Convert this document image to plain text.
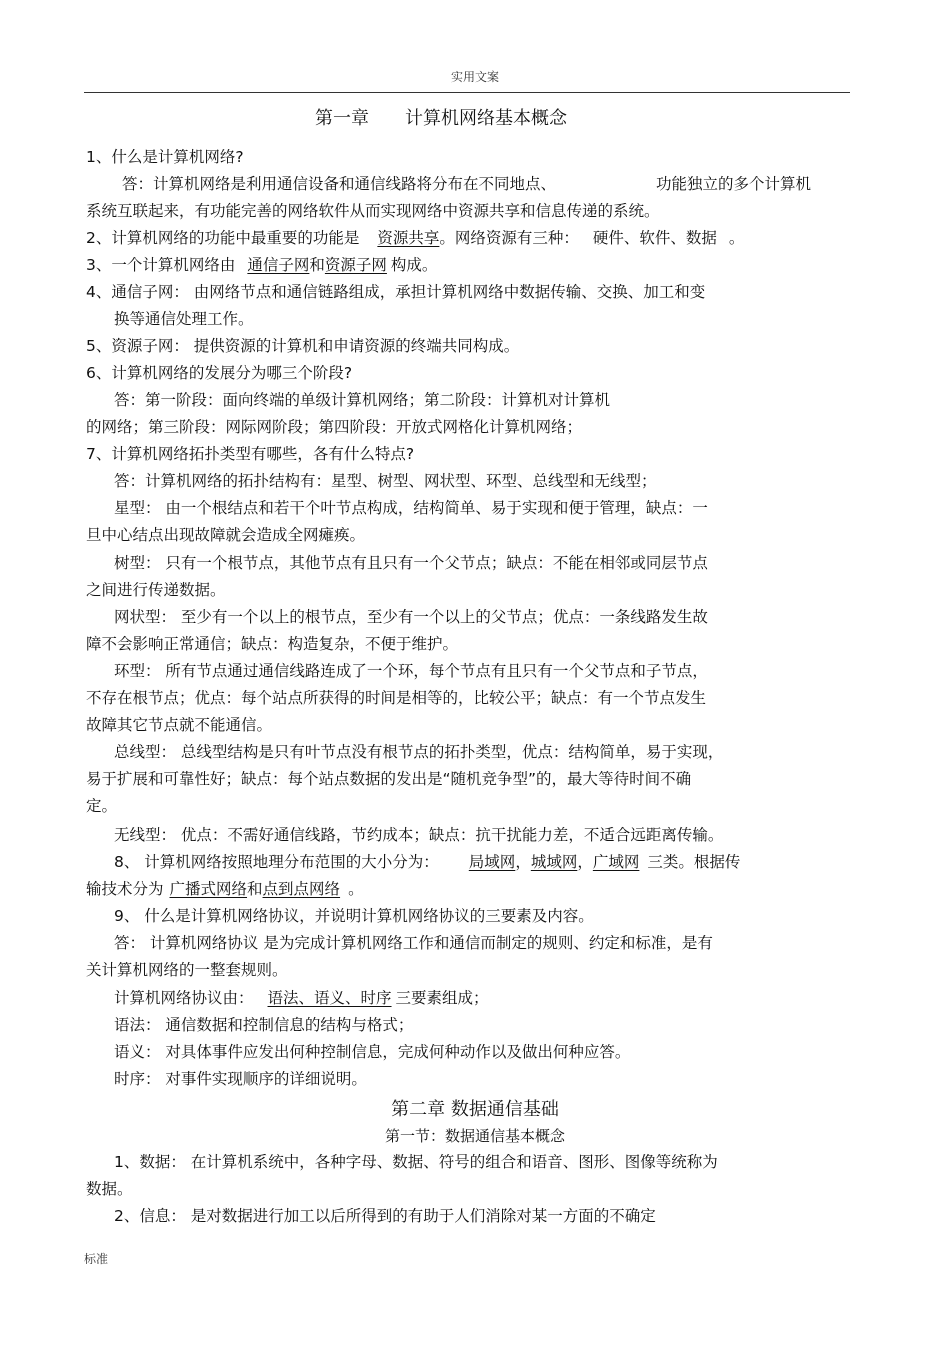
实用文案
第一章 计算机网络基本概念
1、什么是计算机网络?
答：计算机网络是利用通信设备和通信线路将分布在不同地点、	功能独立的多个计算机
系统互联起来，有功能完善的网络软件从而实现网络中资源共享和信息传递的系统。
2、计算机网络的功能中最重要的功能是 资源共享。网络资源有三种： 硬件、软件、数据 。
3、一个计算机网络由 通信子网和资源子网 构成。
4、通信子网： 由网络节点和通信链路组成，承担计算机网络中数据传输、交换、加工和变
换等通信处理工作。
5、资源子网： 提供资源的计算机和申请资源的终端共同构成。
6、计算机网络的发展分为哪三个阶段?
答：第一阶段：面向终端的单级计算机网络；第二阶段：计算机对计算机
的网络；第三阶段：网际网阶段；第四阶段：开放式网格化计算机网络；
7、计算机网络拓扑类型有哪些，各有什么特点?
答：计算机网络的拓扑结构有：星型、树型、网状型、环型、总线型和无线型；
星型： 由一个根结点和若干个叶节点构成，结构简单、易于实现和便于管理，缺点：一
旦中心结点出现故障就会造成全网瘫痪。
树型： 只有一个根节点，其他节点有且只有一个父节点；缺点：不能在相邻或同层节点
之间进行传递数据。
网状型： 至少有一个以上的根节点，至少有一个以上的父节点；优点：一条线路发生故
障不会影响正常通信；缺点：构造复杂，不便于维护。
环型： 所有节点通过通信线路连成了一个环，每个节点有且只有一个父节点和子节点，
不存在根节点；优点：每个站点所获得的时间是相等的，比较公平；缺点：有一个节点发生
故障其它节点就不能通信。
总线型： 总线型结构是只有叶节点没有根节点的拓扑类型，优点：结构简单，易于实现，
易于扩展和可靠性好；缺点：每个站点数据的发出是“随机竞争型”的，最大等待时间不确
定。
无线型： 优点：不需好通信线路，节约成本；缺点：抗干扰能力差，不适合远距离传输。
8、 计算机网络按照地理分布范围的大小分为： 局域网，城域网，广域网 三类。根据传
输技术分为 广播式网络和点到点网络 。
9、 什么是计算机网络协议，并说明计算机网络协议的三要素及内容。
答： 计算机网络协议 是为完成计算机网络工作和通信而制定的规则、约定和标准，是有
关计算机网络的一整套规则。
计算机网络协议由： 语法、语义、时序 三要素组成；
语法： 通信数据和控制信息的结构与格式；
语义： 对具体事件应发出何种控制信息，完成何种动作以及做出何种应答。
时序： 对事件实现顺序的详细说明。
第二章 数据通信基础
第一节：数据通信基本概念
1、数据： 在计算机系统中，各种字母、数据、符号的组合和语音、图形、图像等统称为
数据。
2、信息： 是对数据进行加工以后所得到的有助于人们消除对某一方面的不确定
标准
